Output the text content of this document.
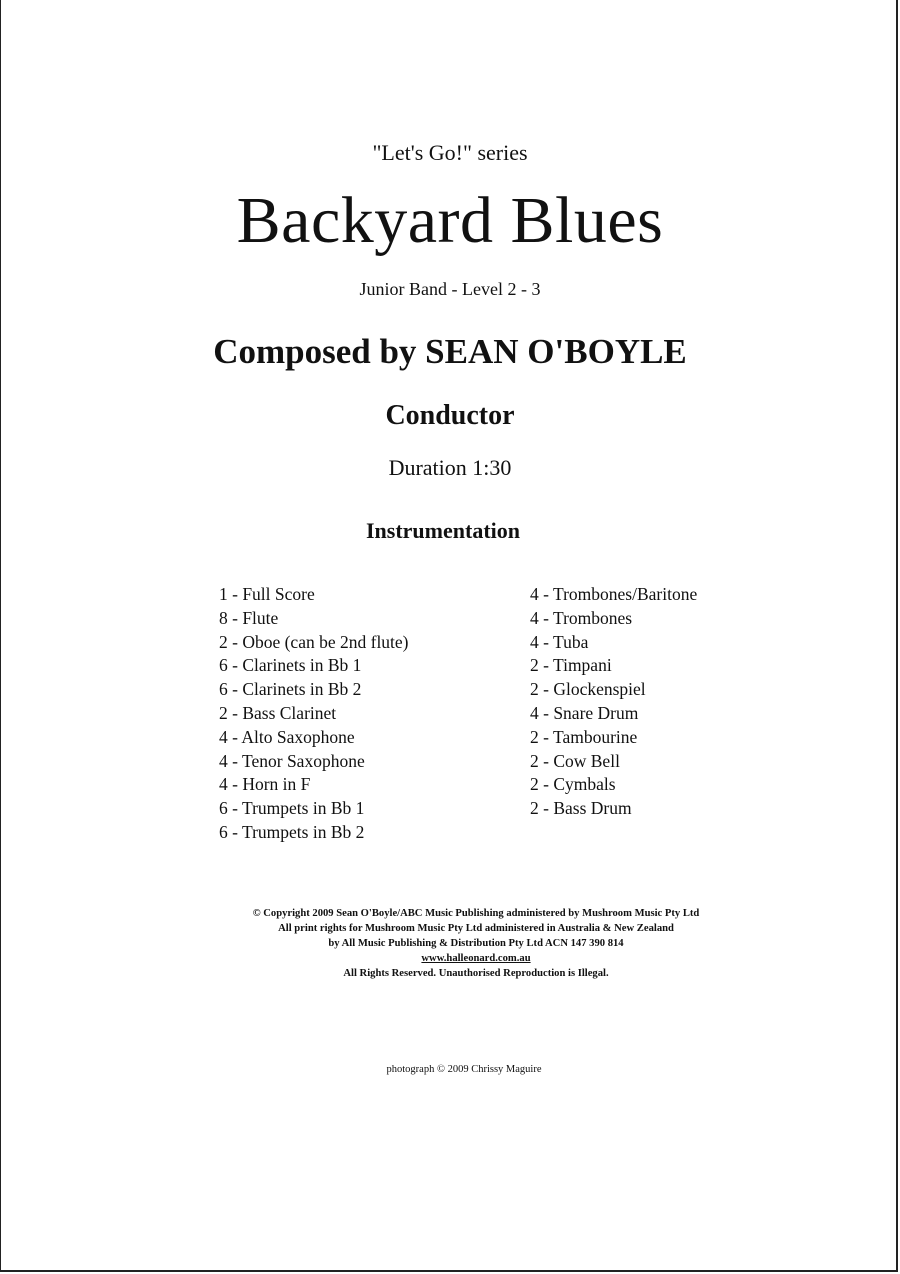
"Let's Go!" series
Backyard Blues
Junior Band - Level 2 - 3
Composed by SEAN O'BOYLE
Conductor
Duration 1:30
Instrumentation
1 - Full Score
8 - Flute
2 - Oboe (can be 2nd flute)
6 - Clarinets in Bb 1
6 - Clarinets in Bb 2
2 - Bass Clarinet
4 - Alto Saxophone
4 - Tenor Saxophone
4 - Horn in F
6 - Trumpets in Bb 1
6 - Trumpets in Bb 2
4 - Trombones/Baritone
4 - Trombones
4 - Tuba
2 - Timpani
2 - Glockenspiel
4 - Snare Drum
2 - Tambourine
2 - Cow Bell
2 - Cymbals
2 - Bass Drum
© Copyright 2009 Sean O'Boyle/ABC Music Publishing administered by Mushroom Music Pty Ltd
All print rights for Mushroom Music Pty Ltd administered in Australia & New Zealand
by All Music Publishing & Distribution Pty Ltd ACN 147 390 814
www.halleonard.com.au
All Rights Reserved. Unauthorised Reproduction is Illegal.
photograph © 2009 Chrissy Maguire
